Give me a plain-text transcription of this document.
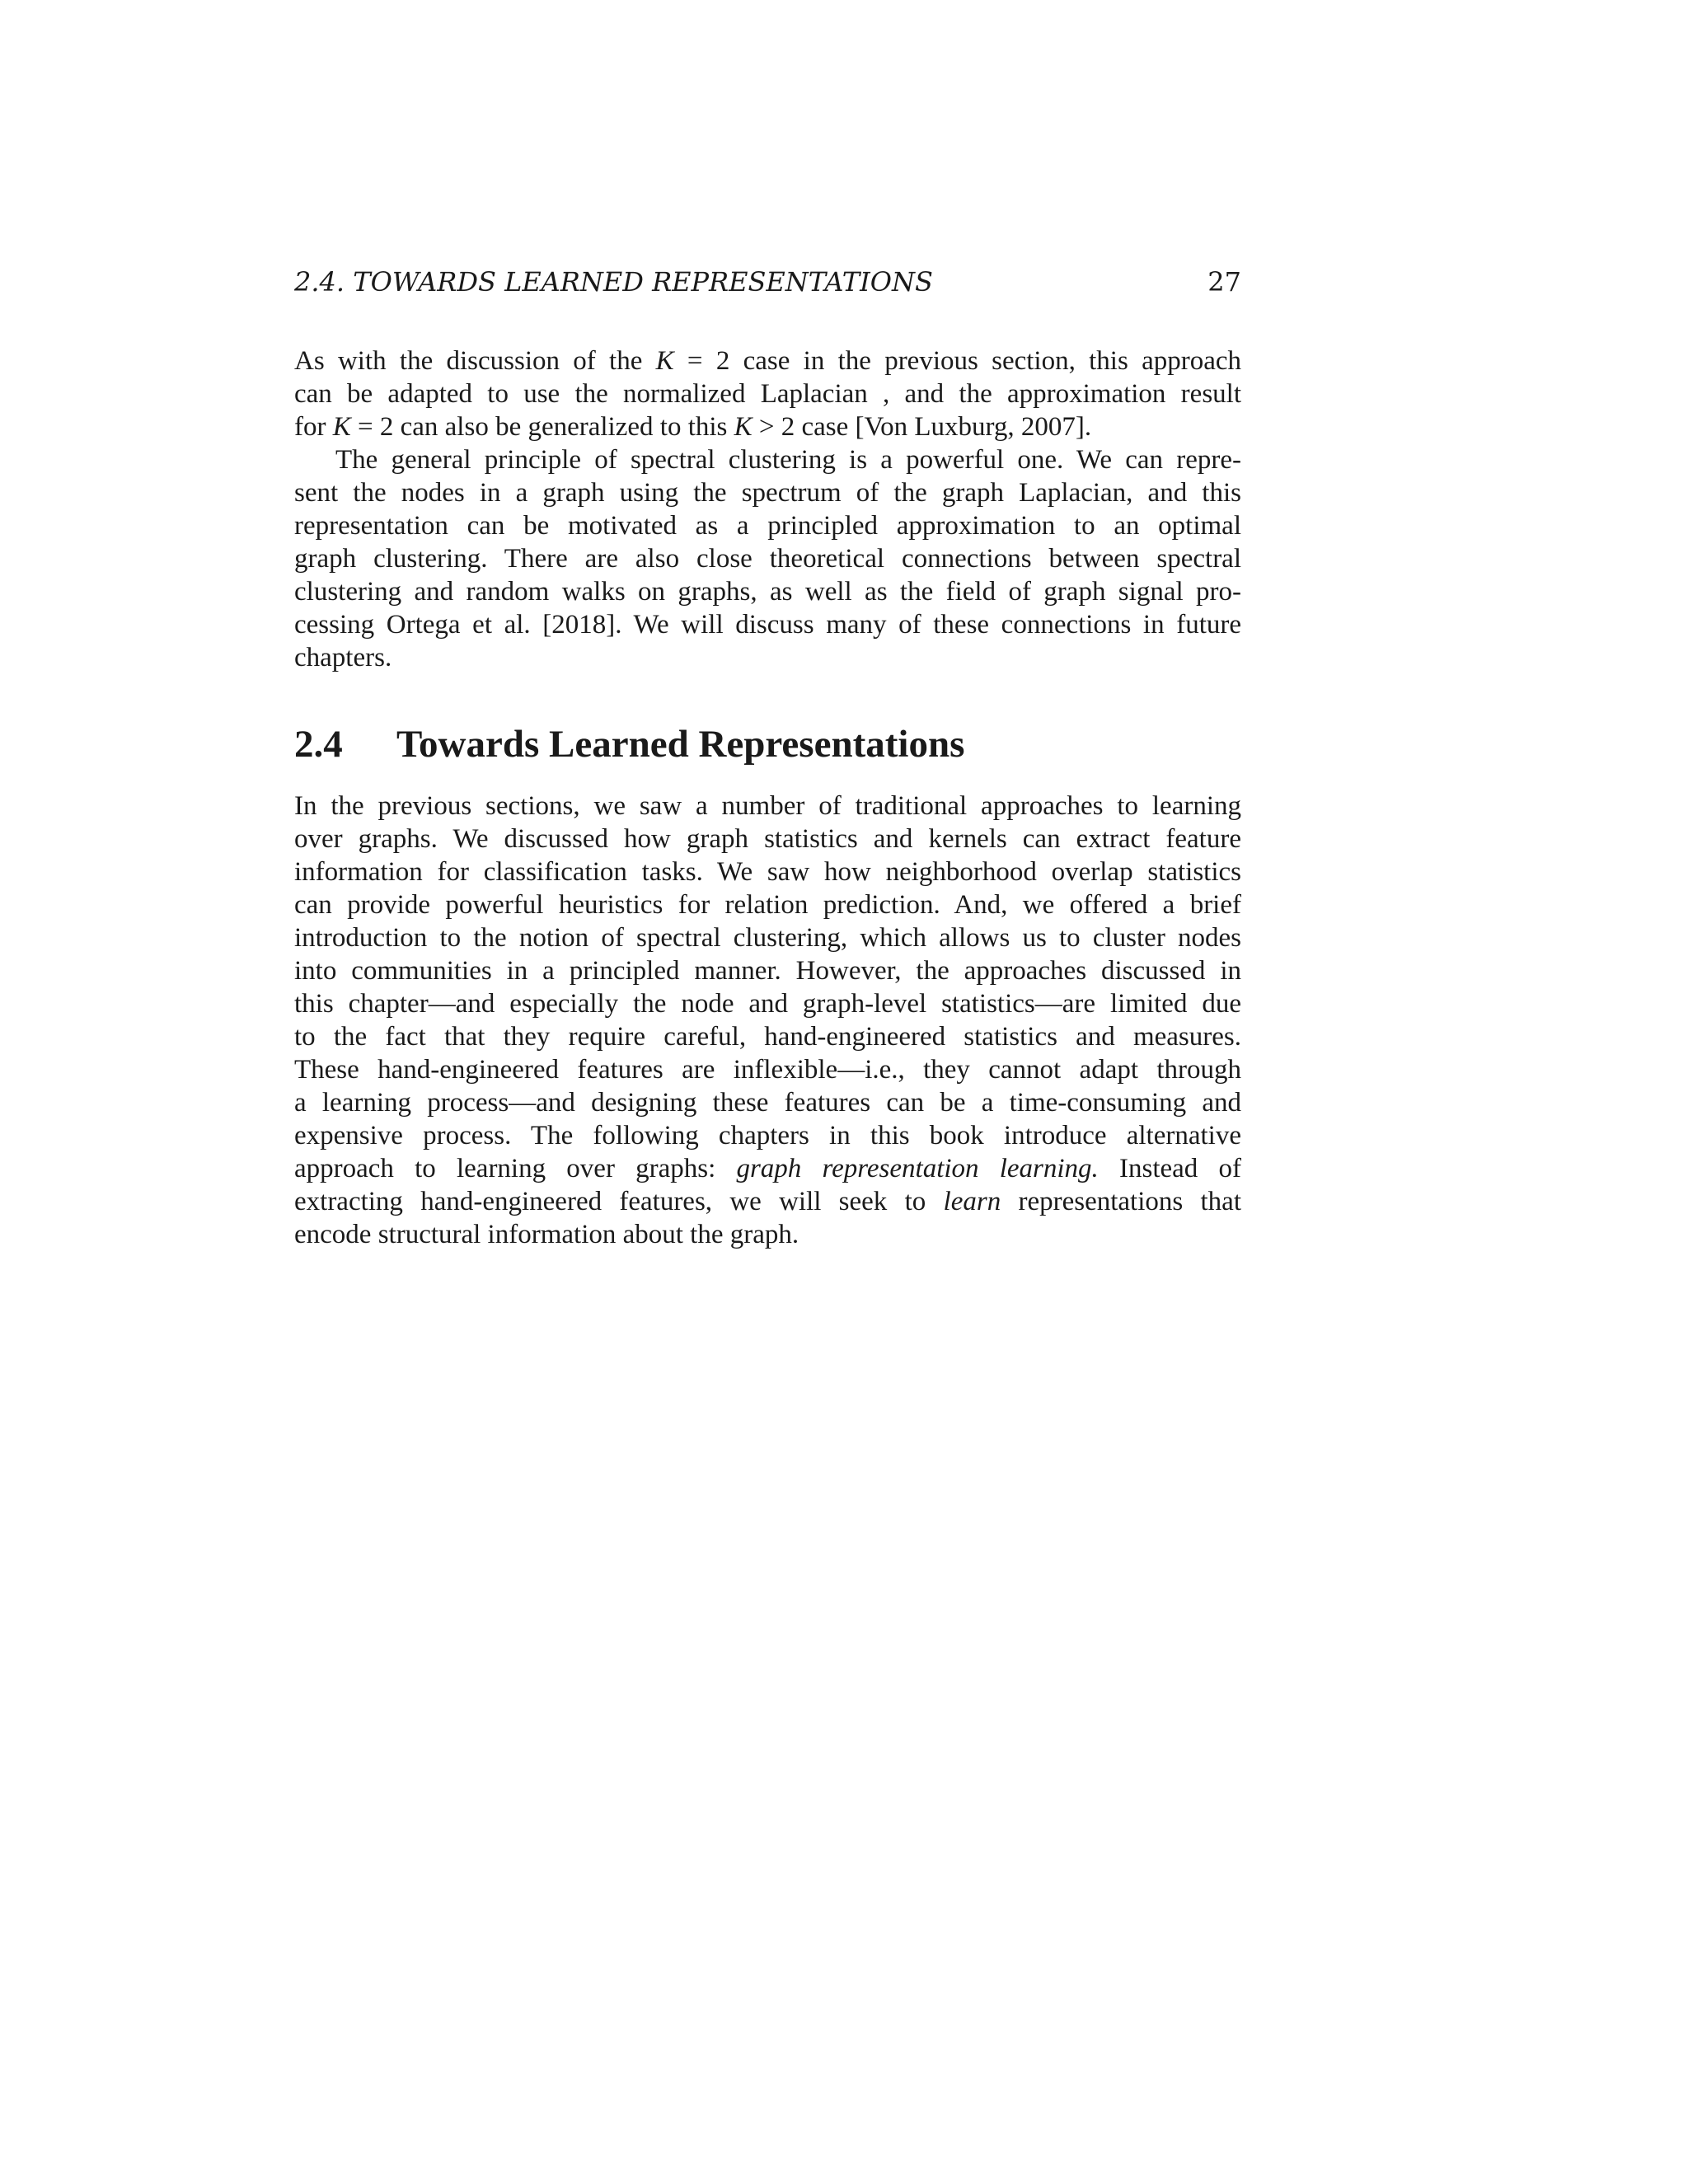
2.4. TOWARDS LEARNED REPRESENTATIONS	27
As with the discussion of the K = 2 case in the previous section, this approach
can be adapted to use the normalized Laplacian , and the approximation result
for K = 2 can also be generalized to this K > 2 case [Von Luxburg, 2007].
The general principle of spectral clustering is a powerful one. We can repre-
sent the nodes in a graph using the spectrum of the graph Laplacian, and this
representation can be motivated as a principled approximation to an optimal
graph clustering. There are also close theoretical connections between spectral
clustering and random walks on graphs, as well as the field of graph signal pro-
cessing Ortega et al. [2018]. We will discuss many of these connections in future
chapters.
2.4 Towards Learned Representations
In the previous sections, we saw a number of traditional approaches to learning
over graphs. We discussed how graph statistics and kernels can extract feature
information for classification tasks. We saw how neighborhood overlap statistics
can provide powerful heuristics for relation prediction. And, we offered a brief
introduction to the notion of spectral clustering, which allows us to cluster nodes
into communities in a principled manner. However, the approaches discussed in
this chapter—and especially the node and graph-level statistics—are limited due
to the fact that they require careful, hand-engineered statistics and measures.
These hand-engineered features are inflexible—i.e., they cannot adapt through
a learning process—and designing these features can be a time-consuming and
expensive process. The following chapters in this book introduce alternative
approach to learning over graphs: graph representation learning. Instead of
extracting hand-engineered features, we will seek to learn representations that
encode structural information about the graph.
